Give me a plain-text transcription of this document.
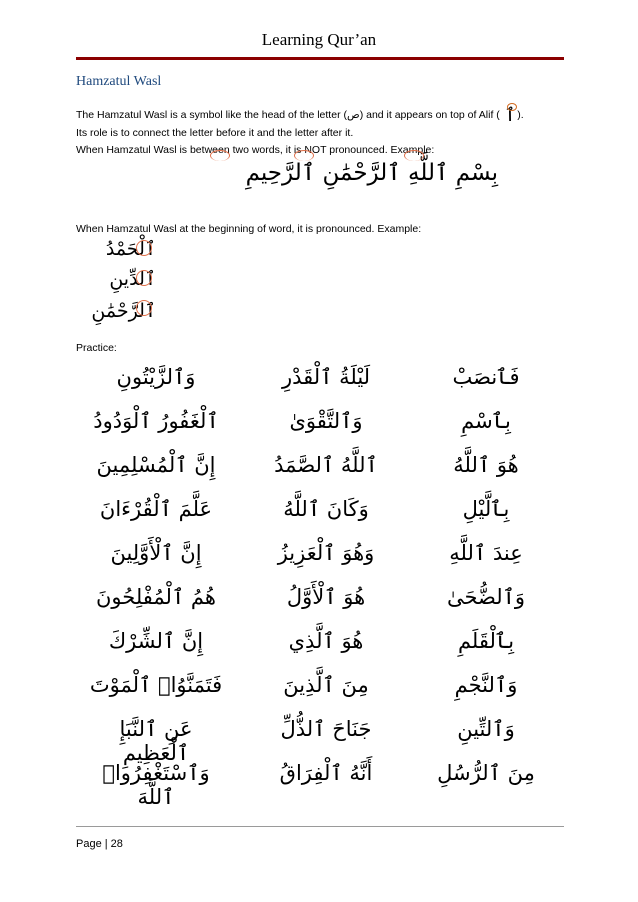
Learning Qur’an
Hamzatul Wasl
The Hamzatul Wasl is a symbol like the head of the letter (ص) and it appears on top of Alif ( ٱ ).
Its role is to connect the letter before it and the letter after it.
When Hamzatul Wasl is between two words, it is NOT pronounced. Example:
بِسْمِ ٱللَّهِ ٱلرَّحْمَٰنِ ٱلرَّحِيمِ
When Hamzatul Wasl at the beginning of word, it is pronounced. Example:
ٱلْحَمْدُ
ٱلدِّينِ
ٱلرَّحْمَٰنِ
Practice:
فَٱنصَبْ
لَيْلَةُ ٱلْقَدْرِ
وَٱلزَّيْتُونِ
بِٱسْمِ
وَٱلتَّقْوَىٰ
ٱلْغَفُورُ ٱلْوَدُودُ
هُوَ ٱللَّهُ
ٱللَّهُ ٱلصَّمَدُ
إِنَّ ٱلْمُسْلِمِينَ
بِٱلَّيْلِ
وَكَانَ ٱللَّهُ
عَلَّمَ ٱلْقُرْءَانَ
عِندَ ٱللَّهِ
وَهُوَ ٱلْعَزِيزُ
إِنَّ ٱلْأَوَّلِينَ
وَٱلضُّحَىٰ
هُوَ ٱلْأَوَّلُ
هُمُ ٱلْمُفْلِحُونَ
بِٱلْقَلَمِ
هُوَ ٱلَّذِي
إِنَّ ٱلشِّرْكَ
وَٱلنَّجْمِ
مِنَ ٱلَّذِينَ
فَتَمَنَّوُا۟ ٱلْمَوْتَ
وَٱلتِّينِ
جَنَاحَ ٱلذُّلِّ
عَنِ ٱلنَّبَإِ ٱلْعَظِيمِ
مِنَ ٱلرُّسُلِ
أَنَّهُ ٱلْفِرَاقُ
وَٱسْتَغْفِرُوا۟ ٱللَّهَ
Page | 28
